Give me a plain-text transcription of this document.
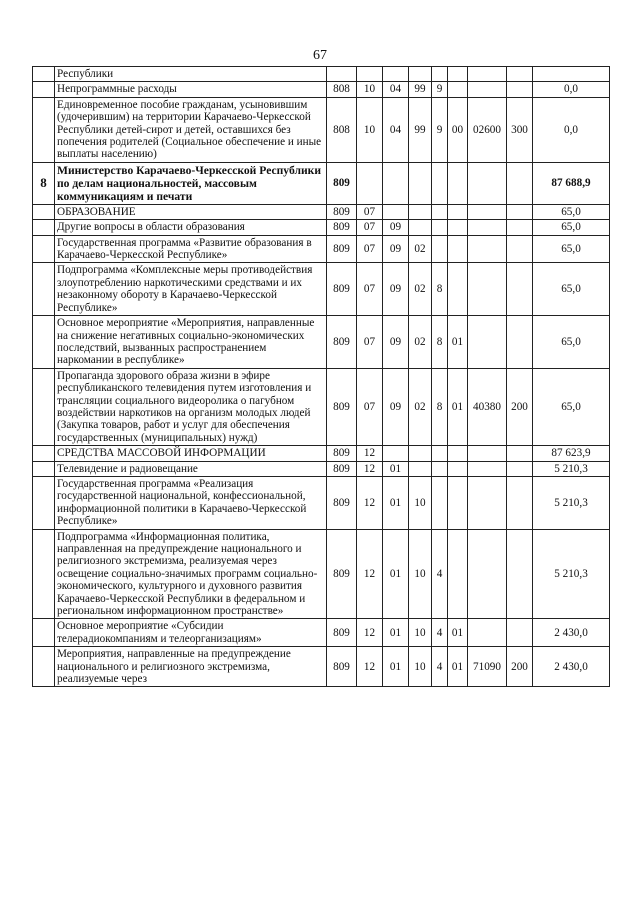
67
	Республики									
	Непрограммные расходы	808	10	04	99	9				0,0
	Единовременное пособие гражданам, усыновившим (удочерившим) на территории Карачаево-Черкесской Республики детей-сирот и детей, оставшихся без попечения родителей (Социальное обеспечение и иные выплаты населению)	808	10	04	99	9	00	02600	300	0,0
8	Министерство Карачаево-Черкесской Республики по делам национальностей, массовым коммуникациям и печати	809								87 688,9
	ОБРАЗОВАНИЕ	809	07							65,0
	Другие вопросы в области образования	809	07	09						65,0
	Государственная программа «Развитие образования в Карачаево-Черкесской Республике»	809	07	09	02					65,0
	Подпрограмма «Комплексные меры противодействия злоупотреблению наркотическими средствами и их незаконному обороту в Карачаево-Черкесской Республике»	809	07	09	02	8				65,0
	Основное мероприятие «Мероприятия, направленные на снижение негативных социально-экономических последствий, вызванных распространением наркомании в республике»	809	07	09	02	8	01			65,0
	Пропаганда здорового образа жизни в эфире республиканского телевидения путем изготовления и трансляции социального видеоролика о пагубном воздействии наркотиков на организм молодых людей (Закупка товаров, работ и услуг для обеспечения государственных (муниципальных) нужд)	809	07	09	02	8	01	40380	200	65,0
	СРЕДСТВА МАССОВОЙ ИНФОРМАЦИИ	809	12							87 623,9
	Телевидение и радиовещание	809	12	01						5 210,3
	Государственная программа «Реализация государственной национальной, конфессиональной, информационной политики в Карачаево-Черкесской Республике»	809	12	01	10					5 210,3
	Подпрограмма «Информационная политика, направленная на предупреждение национального и религиозного экстремизма, реализуемая через освещение социально-значимых программ социально-экономического, культурного и духовного развития Карачаево-Черкесской Республики в федеральном и региональном информационном пространстве»	809	12	01	10	4				5 210,3
	Основное мероприятие «Субсидии телерадиокомпаниям и телеорганизациям»	809	12	01	10	4	01			2 430,0
	Мероприятия, направленные на предупреждение национального и религиозного экстремизма, реализуемые через	809	12	01	10	4	01	71090	200	2 430,0
